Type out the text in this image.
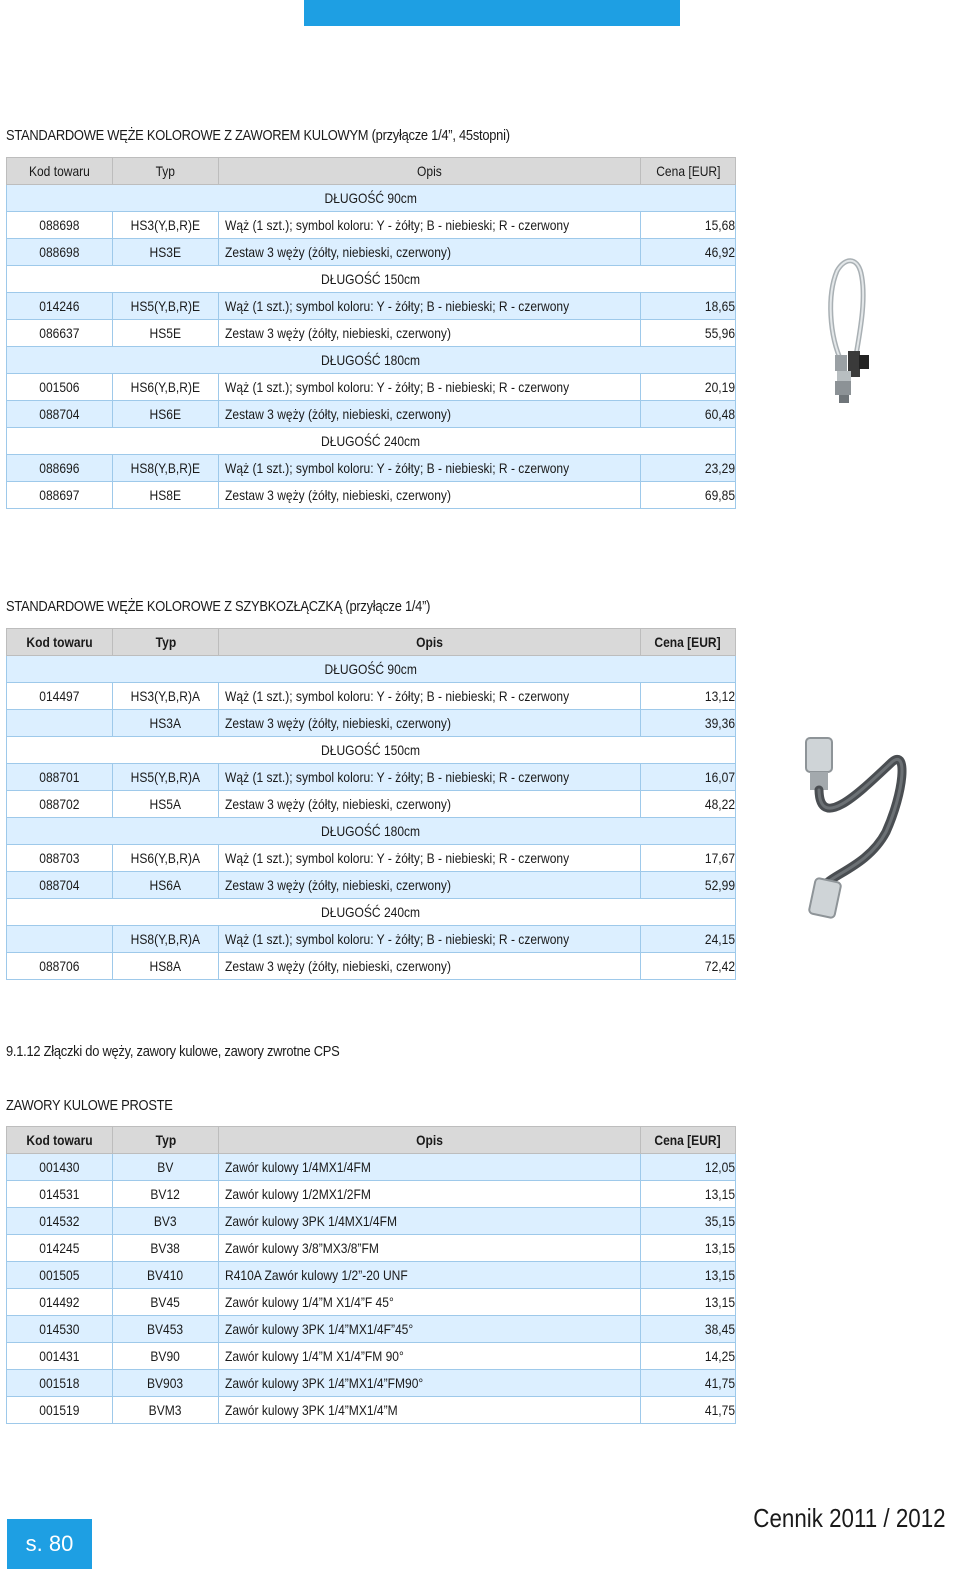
STANDARDOWE WĘŻE KOLOROWE Z ZAWOREM KULOWYM (przyłącze 1/4”, 45stopni)
Kod towaru	Typ	Opis	Cena [EUR]
DŁUGOŚĆ 90cm			
088698	HS3(Y,B,R)E	Wąż (1 szt.); symbol koloru: Y - żółty; B - niebieski; R - czerwony	15,68
088698	HS3E	Zestaw 3 węży (żółty, niebieski, czerwony)	46,92
DŁUGOŚĆ 150cm			
014246	HS5(Y,B,R)E	Wąż (1 szt.); symbol koloru: Y - żółty; B - niebieski; R - czerwony	18,65
086637	HS5E	Zestaw 3 węży (żółty, niebieski, czerwony)	55,96
DŁUGOŚĆ 180cm			
001506	HS6(Y,B,R)E	Wąż (1 szt.); symbol koloru: Y - żółty; B - niebieski; R - czerwony	20,19
088704	HS6E	Zestaw 3 węży (żółty, niebieski, czerwony)	60,48
DŁUGOŚĆ 240cm			
088696	HS8(Y,B,R)E	Wąż (1 szt.); symbol koloru: Y - żółty; B - niebieski; R - czerwony	23,29
088697	HS8E	Zestaw 3 węży (żółty, niebieski, czerwony)	69,85
STANDARDOWE WĘŻE KOLOROWE Z SZYBKOZŁĄCZKĄ (przyłącze 1/4”)
Kod towaru	Typ	Opis	Cena [EUR]
DŁUGOŚĆ 90cm			
014497	HS3(Y,B,R)A	Wąż (1 szt.); symbol koloru: Y - żółty; B - niebieski; R - czerwony	13,12
	HS3A	Zestaw 3 węży (żółty, niebieski, czerwony)	39,36
DŁUGOŚĆ 150cm			
088701	HS5(Y,B,R)A	Wąż (1 szt.); symbol koloru: Y - żółty; B - niebieski; R - czerwony	16,07
088702	HS5A	Zestaw 3 węży (żółty, niebieski, czerwony)	48,22
DŁUGOŚĆ 180cm			
088703	HS6(Y,B,R)A	Wąż (1 szt.); symbol koloru: Y - żółty; B - niebieski; R - czerwony	17,67
088704	HS6A	Zestaw 3 węży (żółty, niebieski, czerwony)	52,99
DŁUGOŚĆ 240cm			
	HS8(Y,B,R)A	Wąż (1 szt.); symbol koloru: Y - żółty; B - niebieski; R - czerwony	24,15
088706	HS8A	Zestaw 3 węży (żółty, niebieski, czerwony)	72,42
9.1.12 Złączki do węży, zawory kulowe, zawory zwrotne CPS
ZAWORY KULOWE PROSTE
Kod towaru	Typ	Opis	Cena [EUR]
001430	BV	Zawór kulowy 1/4MX1/4FM	12,05
014531	BV12	Zawór kulowy 1/2MX1/2FM	13,15
014532	BV3	Zawór kulowy 3PK 1/4MX1/4FM	35,15
014245	BV38	Zawór kulowy 3/8”MX3/8”FM	13,15
001505	BV410	R410A Zawór kulowy 1/2”-20 UNF	13,15
014492	BV45	Zawór kulowy 1/4”M X1/4”F 45°	13,15
014530	BV453	Zawór kulowy 3PK 1/4”MX1/4F”45°	38,45
001431	BV90	Zawór kulowy 1/4”M X1/4”FM 90°	14,25
001518	BV903	Zawór kulowy 3PK 1/4”MX1/4”FM90°	41,75
001519	BVM3	Zawór kulowy 3PK 1/4”MX1/4”M	41,75
s. 80
Cennik 2011 / 2012
